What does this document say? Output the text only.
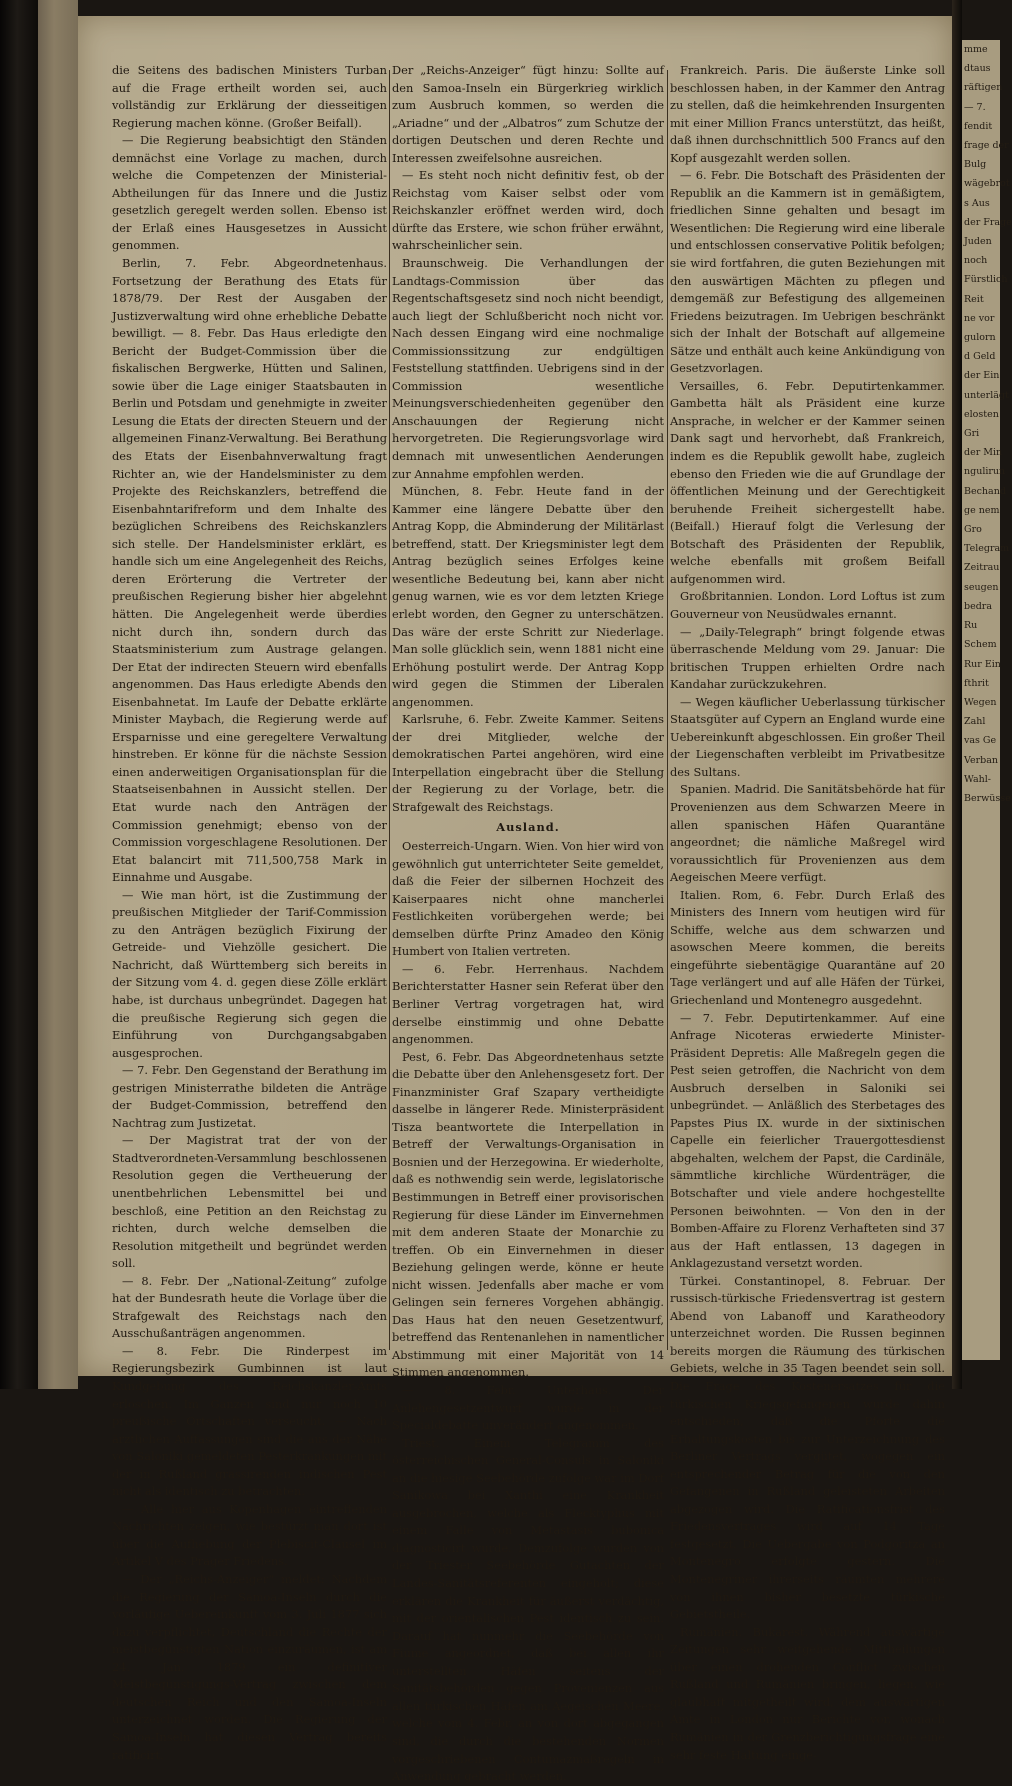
die Seitens des badischen Ministers Turban auf die Frage ertheilt worden sei, auch vollständig zur Erklärung der diesseitigen Regierung machen könne. (Großer Beifall).

— Die Regierung beabsichtigt den Ständen demnächst eine Vorlage zu machen, durch welche die Competenzen der Ministerial-Abtheilungen für das Innere und die Justiz gesetzlich geregelt werden sollen. Ebenso ist der Erlaß eines Hausgesetzes in Aussicht genommen.

Berlin, 7. Febr. Abgeordnetenhaus. Fortsetzung der Berathung des Etats für 1878/79. Der Rest der Ausgaben der Justizverwaltung wird ohne erhebliche Debatte bewilligt. — 8. Febr. Das Haus erledigte den Bericht der Budget-Commission über die fiskalischen Bergwerke, Hütten und Salinen, sowie über die Lage einiger Staatsbauten in Berlin und Potsdam und genehmigte in zweiter Lesung die Etats der directen Steuern und der allgemeinen Finanz-Verwaltung. Bei Berathung des Etats der Eisenbahnverwaltung fragt Richter an, wie der Handelsminister zu dem Projekte des Reichskanzlers, betreffend die Eisenbahntarifreform und dem Inhalte des bezüglichen Schreibens des Reichskanzlers sich stelle. Der Handelsminister erklärt, es handle sich um eine Angelegenheit des Reichs, deren Erörterung die Vertreter der preußischen Regierung bisher hier abgelehnt hätten. Die Angelegenheit werde überdies nicht durch ihn, sondern durch das Staatsministerium zum Austrage gelangen. Der Etat der indirecten Steuern wird ebenfalls angenommen. Das Haus erledigte Abends den Eisenbahnetat. Im Laufe der Debatte erklärte Minister Maybach, die Regierung werde auf Ersparnisse und eine geregeltere Verwaltung hinstreben. Er könne für die nächste Session einen anderweitigen Organisationsplan für die Staatseisenbahnen in Aussicht stellen. Der Etat wurde nach den Anträgen der Commission genehmigt; ebenso von der Commission vorgeschlagene Resolutionen. Der Etat balancirt mit 711,500,758 Mark in Einnahme und Ausgabe.

— Wie man hört, ist die Zustimmung der preußischen Mitglieder der Tarif-Commission zu den Anträgen bezüglich Fixirung der Getreide- und Viehzölle gesichert. Die Nachricht, daß Württemberg sich bereits in der Sitzung vom 4. d. gegen diese Zölle erklärt habe, ist durchaus unbegründet. Dagegen hat die preußische Regierung sich gegen die Einführung von Durchgangsabgaben ausgesprochen.

— 7. Febr. Den Gegenstand der Berathung im gestrigen Ministerrathe bildeten die Anträge der Budget-Commission, betreffend den Nachtrag zum Justizetat.

— Der Magistrat trat der von der Stadtverordneten-Versammlung beschlossenen Resolution gegen die Vertheuerung der unentbehrlichen Lebensmittel bei und beschloß, eine Petition an den Reichstag zu richten, durch welche demselben die Resolution mitgetheilt und begründet werden soll.

— 8. Febr. Der „National-Zeitung“ zufolge hat der Bundesrath heute die Vorlage über die Strafgewalt des Reichstags nach den Ausschußanträgen angenommen.

— 8. Febr. Die Rinderpest im Regierungsbezirk Gumbinnen ist laut Kundgebung des Reichskanzler-Amts erloschen. Im Ganzen sind nur noch 10 preußische Ortschaften verseucht. — Nach ärztlichen Auffassungen sind die aus der Nähe von Saloniki gemeldeten Pesterkrankungen mit der in Rußland grassirenden indischen Pest nicht als identisch zu betrachten.

— Alle hier aus Kopenhagen eintreffenden Nachrichten zeigen, wie bestürzt man dort ist über die Aufhebung der Plebiscit-Clausel im Artikel V des Prager Friedens.

— Der „Reichs-Anzeiger“ meldet: Nachdem die Regierung der Samoa-Inseln durch die vorläufige Uebereinkunft vom 3. Juli 1877 sich dazu verpflichtet, Deutschland die Rechte der meistbegünstigten Nation einzuräumen, ist am 24. Jan. 1879 ein definitiver Meistbegünstigungs-Vertrag zwischen dem deutschen Reich und den Samoa-Inseln unterzeichnet worden. Die Regierung der Samoa-Inseln hat diesen Vertrag bereits ratificirt.

Der „Reichs-Anzeiger“ fügt hinzu: Sollte auf den Samoa-Inseln ein Bürgerkrieg wirklich zum Ausbruch kommen, so werden die „Ariadne“ und der „Albatros“ zum Schutze der dortigen Deutschen und deren Rechte und Interessen zweifelsohne ausreichen.

— Es steht noch nicht definitiv fest, ob der Reichstag vom Kaiser selbst oder vom Reichskanzler eröffnet werden wird, doch dürfte das Erstere, wie schon früher erwähnt, wahrscheinlicher sein.

Braunschweig. Die Verhandlungen der Landtags-Commission über das Regentschaftsgesetz sind noch nicht beendigt, auch liegt der Schlußbericht noch nicht vor. Nach dessen Eingang wird eine nochmalige Commissionssitzung zur endgültigen Feststellung stattfinden. Uebrigens sind in der Commission wesentliche Meinungsverschiedenheiten gegenüber den Anschauungen der Regierung nicht hervorgetreten. Die Regierungsvorlage wird demnach mit unwesentlichen Aenderungen zur Annahme empfohlen werden.

München, 8. Febr. Heute fand in der Kammer eine längere Debatte über den Antrag Kopp, die Abminderung der Militärlast betreffend, statt. Der Kriegsminister legt dem Antrag bezüglich seines Erfolges keine wesentliche Bedeutung bei, kann aber nicht genug warnen, wie es vor dem letzten Kriege erlebt worden, den Gegner zu unterschätzen. Das wäre der erste Schritt zur Niederlage. Man solle glücklich sein, wenn 1881 nicht eine Erhöhung postulirt werde. Der Antrag Kopp wird gegen die Stimmen der Liberalen angenommen.

Karlsruhe, 6. Febr. Zweite Kammer. Seitens der drei Mitglieder, welche der demokratischen Partei angehören, wird eine Interpellation eingebracht über die Stellung der Regierung zu der Vorlage, betr. die Strafgewalt des Reichstags.

Ausland.

Oesterreich-Ungarn. Wien. Von hier wird von gewöhnlich gut unterrichteter Seite gemeldet, daß die Feier der silbernen Hochzeit des Kaiserpaares nicht ohne mancherlei Festlichkeiten vorübergehen werde; bei demselben dürfte Prinz Amadeo den König Humbert von Italien vertreten.

— 6. Febr. Herrenhaus. Nachdem Berichterstatter Hasner sein Referat über den Berliner Vertrag vorgetragen hat, wird derselbe einstimmig und ohne Debatte angenommen.

Pest, 6. Febr. Das Abgeordnetenhaus setzte die Debatte über den Anlehensgesetz fort. Der Finanzminister Graf Szapary vertheidigte dasselbe in längerer Rede. Ministerpräsident Tisza beantwortete die Interpellation in Betreff der Verwaltungs-Organisation in Bosnien und der Herzegowina. Er wiederholte, daß es nothwendig sein werde, legislatorische Bestimmungen in Betreff einer provisorischen Regierung für diese Länder im Einvernehmen mit dem anderen Staate der Monarchie zu treffen. Ob ein Einvernehmen in dieser Beziehung gelingen werde, könne er heute nicht wissen. Jedenfalls aber mache er vom Gelingen sein ferneres Vorgehen abhängig. Das Haus hat den neuen Gesetzentwurf, betreffend das Rentenanlehen in namentlicher Abstimmung mit einer Majorität von 14 Stimmen angenommen.

— 8. Febr. Unterhaus. Der Anlehengesetzentwurf wurde in der Specialdebatte unverändert angenommen.

Triest. Einem Telegramm des österreichischen General-Consuls in Saloniki an die hiesige Seebehörde zufolge war im Dorf Sanikowa bei Xanthi eine Krankheit ausgebrochen, welche als Flecktyphus mit einem Falle von Metastasis bubonica diagnosticirt wurde. Demzufolge wurden von der Triester Seebehörde Gutachten der Landes-Sanitätsreferenten eingeholt; diese erklären die Krankheit für äußerst verdächtig, mit der orientalischen Pest identisch zu sein. Darauf hat nunmehr die Seebehörde von Fiume angeordnet, daß bei allen ihr unterstellten Häfen seitens der Sanitätsbehörden gegen Provenienzen aus allen türkischen Häfen am Aegeischen Meere, welche vom 4. Febr. an von dort abgegangen sind, die durch die bestehenden Normen vorgeschriebenen Contumazmaßregeln in Anwendung gebracht werden.

Frankreich. Paris. Die äußerste Linke soll beschlossen haben, in der Kammer den Antrag zu stellen, daß die heimkehrenden Insurgenten mit einer Million Francs unterstützt, das heißt, daß ihnen durchschnittlich 500 Francs auf den Kopf ausgezahlt werden sollen.

— 6. Febr. Die Botschaft des Präsidenten der Republik an die Kammern ist in gemäßigtem, friedlichen Sinne gehalten und besagt im Wesentlichen: Die Regierung wird eine liberale und entschlossen conservative Politik befolgen; sie wird fortfahren, die guten Beziehungen mit den auswärtigen Mächten zu pflegen und demgemäß zur Befestigung des allgemeinen Friedens beizutragen. Im Uebrigen beschränkt sich der Inhalt der Botschaft auf allgemeine Sätze und enthält auch keine Ankündigung von Gesetzvorlagen.

Versailles, 6. Febr. Deputirtenkammer. Gambetta hält als Präsident eine kurze Ansprache, in welcher er der Kammer seinen Dank sagt und hervorhebt, daß Frankreich, indem es die Republik gewollt habe, zugleich ebenso den Frieden wie die auf Grundlage der öffentlichen Meinung und der Gerechtigkeit beruhende Freiheit sichergestellt habe. (Beifall.) Hierauf folgt die Verlesung der Botschaft des Präsidenten der Republik, welche ebenfalls mit großem Beifall aufgenommen wird.

Großbritannien. London. Lord Loftus ist zum Gouverneur von Neusüdwales ernannt.

— „Daily-Telegraph“ bringt folgende etwas überraschende Meldung vom 29. Januar: Die britischen Truppen erhielten Ordre nach Kandahar zurückzukehren.

— Wegen käuflicher Ueberlassung türkischer Staatsgüter auf Cypern an England wurde eine Uebereinkunft abgeschlossen. Ein großer Theil der Liegenschaften verbleibt im Privatbesitze des Sultans.

Spanien. Madrid. Die Sanitätsbehörde hat für Provenienzen aus dem Schwarzen Meere in allen spanischen Häfen Quarantäne angeordnet; die nämliche Maßregel wird voraussichtlich für Provenienzen aus dem Aegeischen Meere verfügt.

Italien. Rom, 6. Febr. Durch Erlaß des Ministers des Innern vom heutigen wird für Schiffe, welche aus dem schwarzen und asowschen Meere kommen, die bereits eingeführte siebentägige Quarantäne auf 20 Tage verlängert und auf alle Häfen der Türkei, Griechenland und Montenegro ausgedehnt.

— 7. Febr. Deputirtenkammer. Auf eine Anfrage Nicoteras erwiederte Minister-Präsident Depretis: Alle Maßregeln gegen die Pest seien getroffen, die Nachricht von dem Ausbruch derselben in Saloniki sei unbegründet. — Anläßlich des Sterbetages des Papstes Pius IX. wurde in der sixtinischen Capelle ein feierlicher Trauergottesdienst abgehalten, welchem der Papst, die Cardinäle, sämmtliche kirchliche Würdenträger, die Botschafter und viele andere hochgestellte Personen beiwohnten. — Von den in der Bomben-Affaire zu Florenz Verhafteten sind 37 aus der Haft entlassen, 13 dagegen in Anklagezustand versetzt worden.

Türkei. Constantinopel, 8. Februar. Der russisch-türkische Friedensvertrag ist gestern Abend von Labanoff und Karatheodory unterzeichnet worden. Die Russen beginnen bereits morgen die Räumung des türkischen Gebiets, welche in 35 Tagen beendet sein soll. Die Frage des Kostenersatzes für die türkischen Kriegsgefangenen wurde dahin entschieden, daß die Pforte die Erhaltungskosten bis zur Unterzeichnung des Berliner Vertrags vergütet, wogegen ein entsprechender Betrag für die von den Gefangenen in Rußland geleisteten Arbeiten abgezogen wird. Die Ratificationsfrist des Friedensvertrages wird auf 14 Tage festgesetzt. Die Uebergabe von Podgoritza an Montenegro erfolgte gestern. Die Montenegriner ihrerseits räumten mehrere von ihnen bisher besetzte türkische Gebietstheile.

Rumänien. Bukarest. Während auswärtige Zeitungen sehr weitgehende Mittheilungen über einen drohenden Conflict zwischen Rußland und Rumänien bringen, liegen, wie glaubhaft mitgetheilt wird, dem auswärtigen Amte in London nur Berichte vor, wonach Rumänien in der Grenzberichtigungsfrage eine sehr feste Haltung einge-

mme
dtaus
räftigen
— 7.
fendit
frage der
Bulg
wägebrot
s Aus
der Frage
Juden
noch
Fürstlich
Reit
ne vor
gulorn
d Geld
der Ein
unterlägt
elosten
Gri
der Min
ngulirun
Bechand
ge nem
Gro
Telegram
Zeitrau
seugen
bedra
Ru
Schem
Rur Ein
fthrit
Wegen
Zahl
vas Ge
Verban
Wahl-
Berwüsse
